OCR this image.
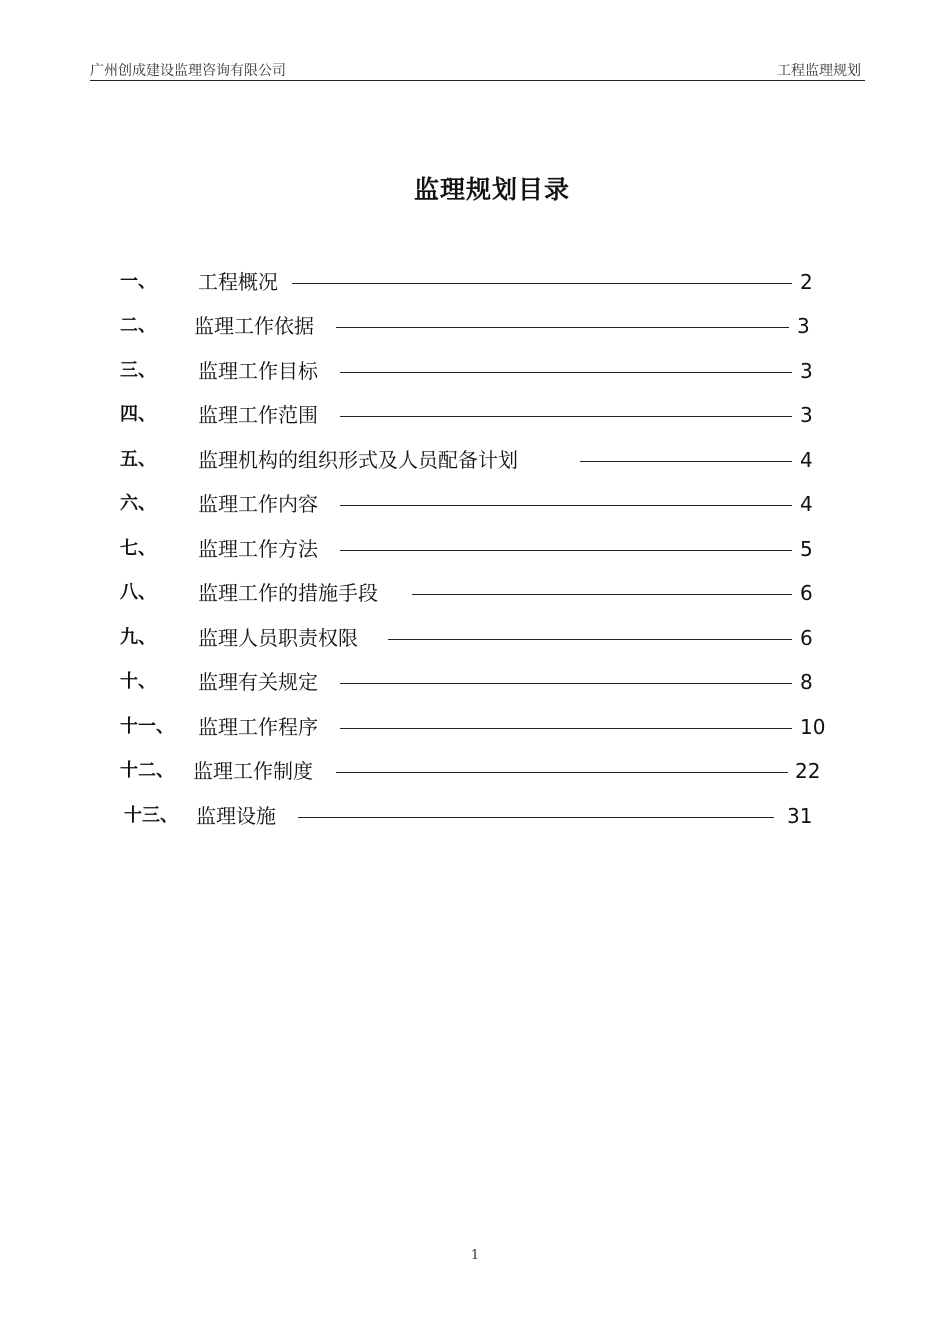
广州创成建设监理咨询有限公司	工程监理规划
监理规划目录
一、 工程概况	2
二、 监理工作依据	3
三、 监理工作目标	3
四、 监理工作范围	3
五、 监理机构的组织形式及人员配备计划	4
六、 监理工作内容	4
七、 监理工作方法	5
八、 监理工作的措施手段	6
九、 监理人员职责权限	6
十、 监理有关规定	8
十一、 监理工作程序	10
十二、 监理工作制度	22
十三、 监理设施	31
1
